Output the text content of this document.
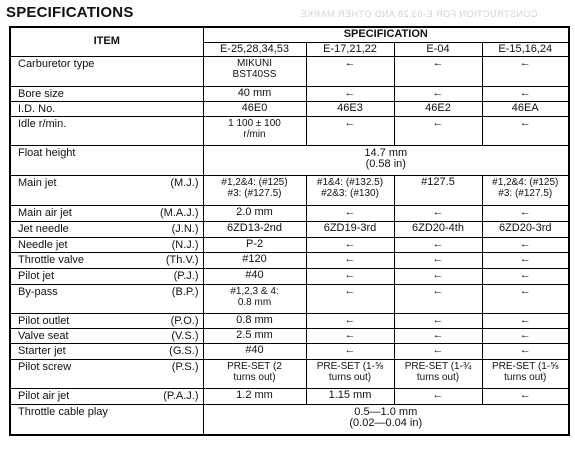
SPECIFICATIONS	CONSTRUCTION FOR E-03,28 AND OTHER MARKE
ITEM	SPECIFICATION			
	E-25,28,34,53	E-17,21,22	E-04	E-15,16,24

Carburetor type	MIKUNI
BST40SS	←	←	←

Bore size	40 mm	←	←	←

I.D. No.	46E0	46E3	46E2	46EA

Idle r/min.	1 100 ± 100
r/min	←	←	←

Float height	14.7 mm
(0.58 in)			

Main jet (M.J.)	#1,2&4: (#125)
#3: (#127.5)	#1&4: (#132.5)
#2&3: (#130)	#127.5	#1,2&4: (#125)
#3: (#127.5)

Main air jet (M.A.J.)	2.0 mm	←	←	←

Jet needle (J.N.)	6ZD13-2nd	6ZD19-3rd	6ZD20-4th	6ZD20-3rd

Needle jet (N.J.)	P-2	←	←	←

Throttle valve (Th.V.)	#120	←	←	←

Pilot jet (P.J.)	#40	←	←	←

By-pass (B.P.)	#1,2,3 & 4:
0.8 mm	←	←	←

Pilot outlet (P.O.)	0.8 mm	←	←	←

Valve seat (V.S.)	2.5 mm	←	←	←

Starter jet (G.S.)	#40	←	←	←

Pilot screw (P.S.)	PRE-SET (2
turns out)	PRE-SET (1-⅝
turns out)	PRE-SET (1-¾
turns out)	PRE-SET (1-⅝
turns out)

Pilot air jet (P.A.J.)	1.2 mm	1.15 mm	←	←

Throttle cable play	0.5—1.0 mm
(0.02—0.04 in)			
